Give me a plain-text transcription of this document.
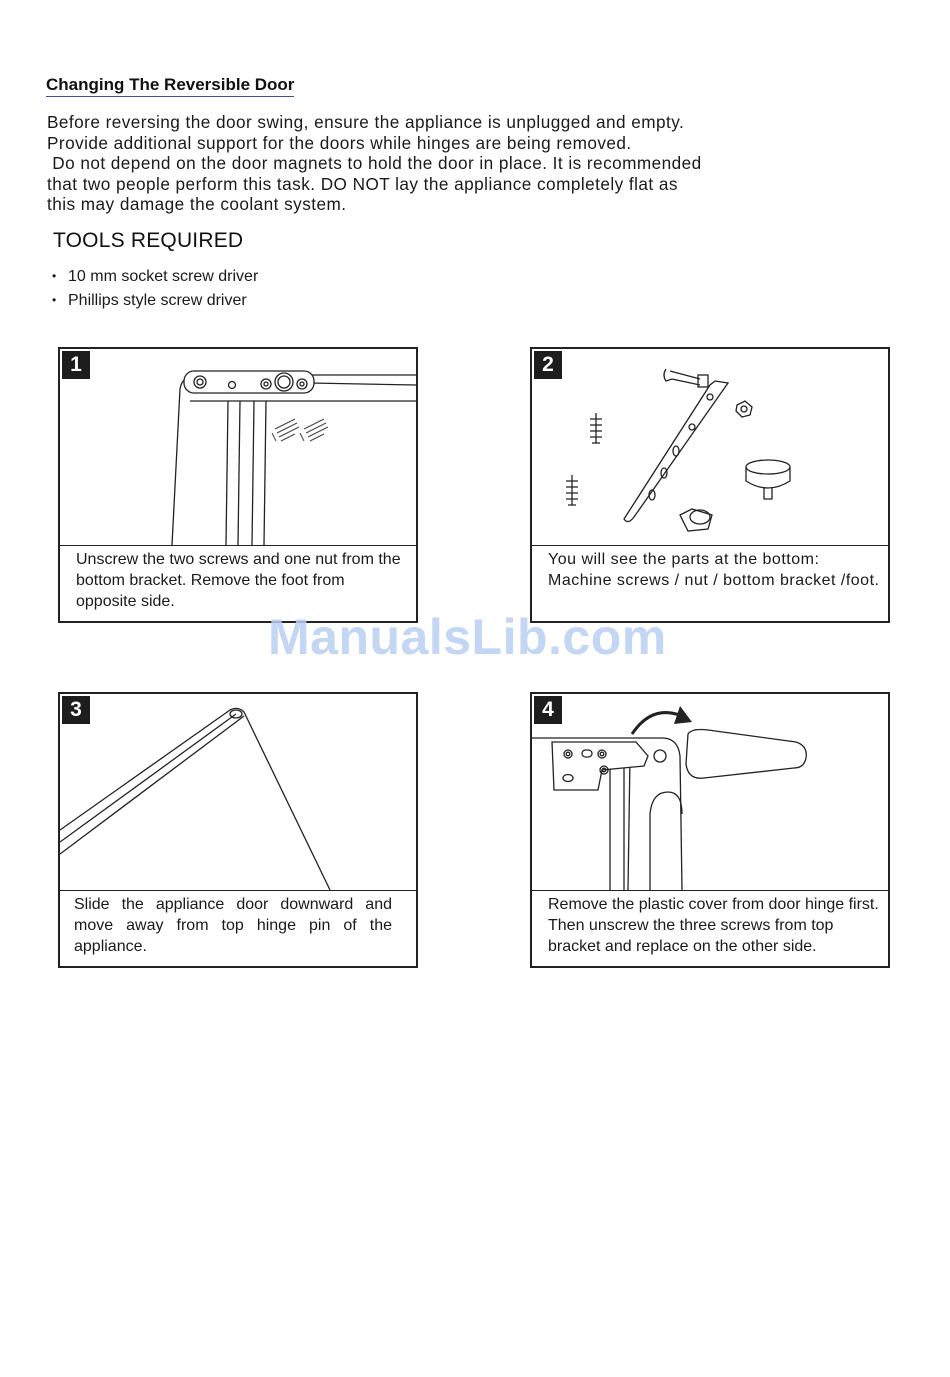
Changing The Reversible Door
Before reversing the door swing, ensure the appliance is unplugged and empty.
Provide additional support for the doors while hinges are being removed.
Do not depend on the door magnets to hold the door in place. It is recommended
that two people perform this task. DO NOT lay the appliance completely flat as
this may damage the coolant system.
TOOLS REQUIRED
• 10 mm socket screw driver
• Phillips style screw driver
1
Unscrew the two screws and one nut from the bottom bracket. Remove the foot from opposite side.
2
You will see the parts at the bottom: Machine screws / nut / bottom bracket /foot.
3
Slide the appliance door downward and move away from top hinge pin of the appliance.
4
Remove the plastic cover from door hinge first. Then unscrew the three screws from top bracket and replace on the other side.
ManualsLib.com
